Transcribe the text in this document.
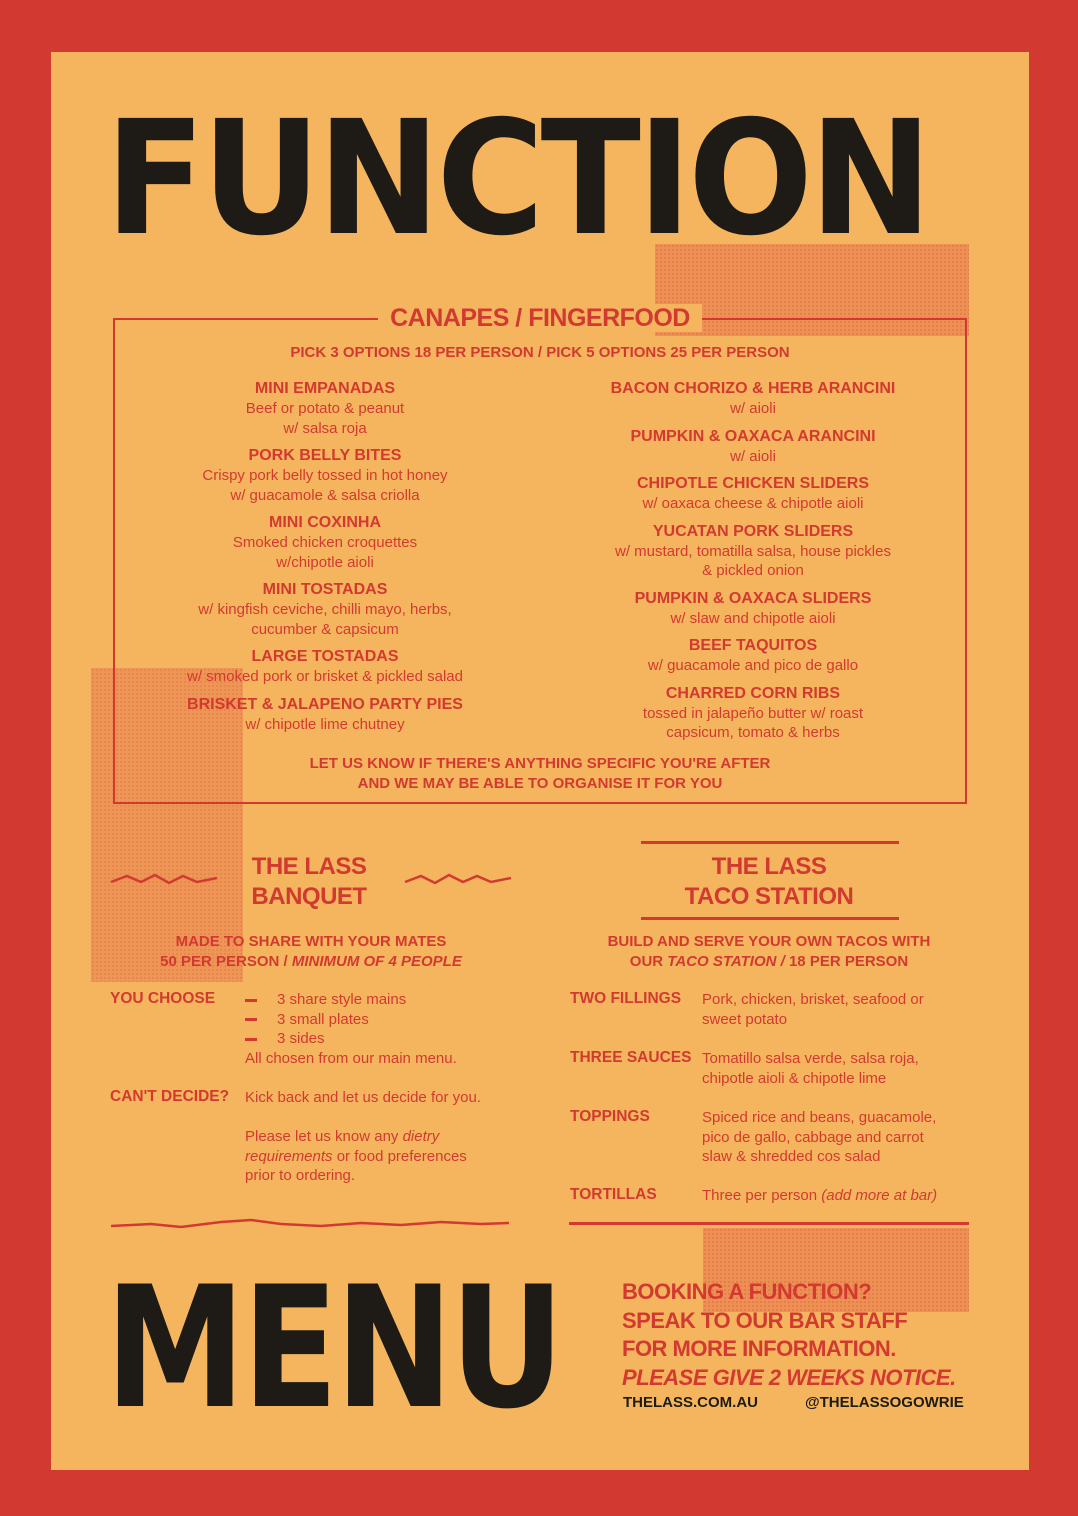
FUNCTION
CANAPES / FINGERFOOD
PICK 3 OPTIONS 18 PER PERSON / PICK 5 OPTIONS 25 PER PERSON
MINI EMPANADAS
Beef or potato & peanut
w/ salsa roja
PORK BELLY BITES
Crispy pork belly tossed in hot honey
w/ guacamole & salsa criolla
MINI COXINHA
Smoked chicken croquettes
w/chipotle aioli
MINI TOSTADAS
w/ kingfish ceviche, chilli mayo, herbs,
cucumber & capsicum
LARGE TOSTADAS
w/ smoked pork or brisket & pickled salad
BRISKET & JALAPENO PARTY PIES
w/ chipotle lime chutney
BACON CHORIZO & HERB ARANCINI
w/ aioli
PUMPKIN & OAXACA ARANCINI
w/ aioli
CHIPOTLE CHICKEN SLIDERS
w/ oaxaca cheese & chipotle aioli
YUCATAN PORK SLIDERS
w/ mustard, tomatilla salsa, house pickles
& pickled onion
PUMPKIN & OAXACA SLIDERS
w/ slaw and chipotle aioli
BEEF TAQUITOS
w/ guacamole and pico de gallo
CHARRED CORN RIBS
tossed in jalapeño butter w/ roast
capsicum, tomato & herbs
LET US KNOW IF THERE'S ANYTHING SPECIFIC YOU'RE AFTER
AND WE MAY BE ABLE TO ORGANISE IT FOR YOU
THE LASS
BANQUET
MADE TO SHARE WITH YOUR MATES
50 PER PERSON / MINIMUM OF 4 PEOPLE
YOU CHOOSE	3 share style mains
3 small plates
3 sides
All chosen from our main menu.
CAN'T DECIDE? Kick back and let us decide for you.
Please let us know any dietry
requirements or food preferences
prior to ordering.
THE LASS
TACO STATION
BUILD AND SERVE YOUR OWN TACOS WITH
OUR TACO STATION / 18 PER PERSON
TWO FILLINGS Pork, chicken, brisket, seafood or
sweet potato
THREE SAUCES Tomatillo salsa verde, salsa roja,
chipotle aioli & chipotle lime
TOPPINGS	Spiced rice and beans, guacamole,
pico de gallo, cabbage and carrot
slaw & shredded cos salad
TORTILLAS	Three per person (add more at bar)
MENU	BOOKING A FUNCTION?
SPEAK TO OUR BAR STAFF
FOR MORE INFORMATION.
PLEASE GIVE 2 WEEKS NOTICE.
THELASS.COM.AU	@THELASSOGOWRIE
